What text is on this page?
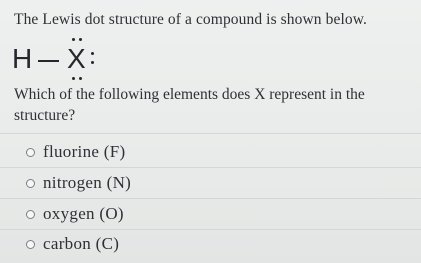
The Lewis dot structure of a compound is shown below.
H X
Which of the following elements does X represent in the structure?
fluorine (F)
nitrogen (N)
oxygen (O)
carbon (C)
